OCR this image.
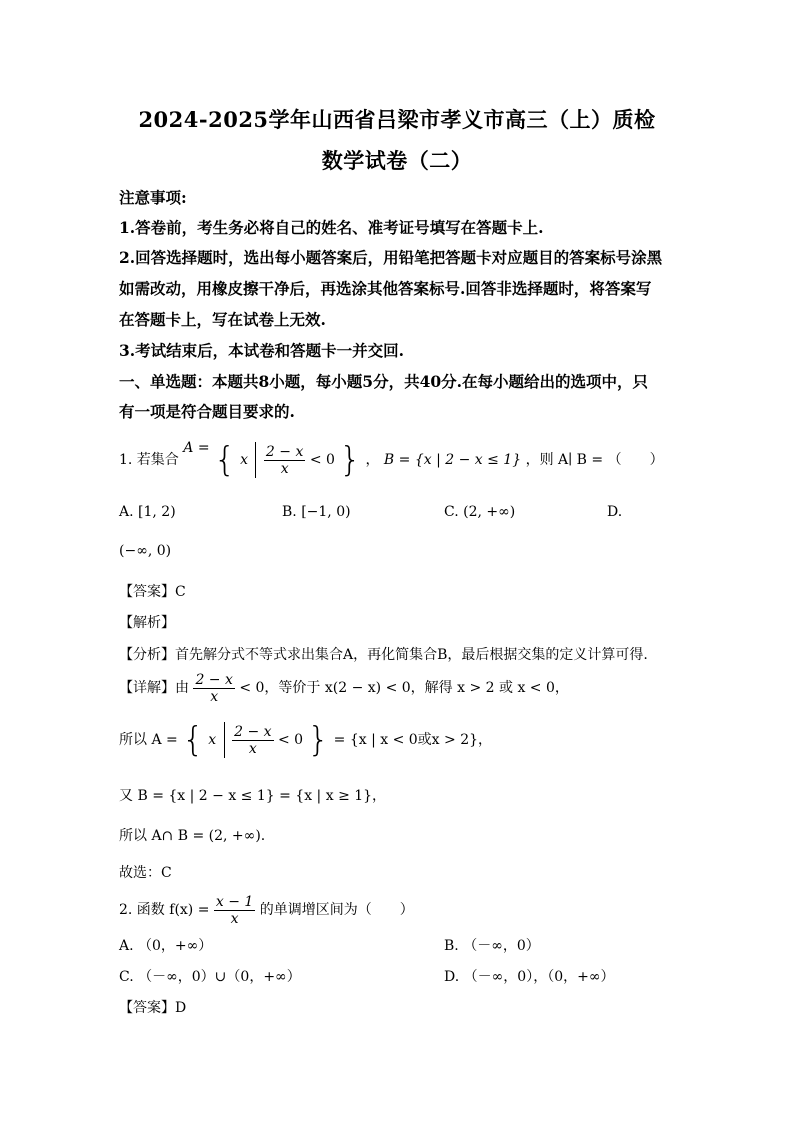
2024-2025学年山西省吕梁市孝义市高三（上）质检
数学试卷（二）
注意事项:
1.答卷前，考生务必将自己的姓名、准考证号填写在答题卡上.
2.回答选择题时，选出每小题答案后，用铅笔把答题卡对应题目的答案标号涂黑
如需改动，用橡皮擦干净后，再选涂其他答案标号.回答非选择题时，将答案写
在答题卡上，写在试卷上无效.
3.考试结束后，本试卷和答题卡一并交回.
一、单选题：本题共8小题，每小题5分，共40分.在每小题给出的选项中，只
有一项是符合题目要求的.
1. 若集合 A = { x $\frac{2 - x}{x} < 0$ } ， B = {x | 2 − x ≤ 1} ，则 A∣ B = （　　）
A. [1, 2)	B. [−1, 0)	C. (2, +∞)	D.
(−∞, 0)
【答案】C
【解析】
【分析】首先解分式不等式求出集合A，再化简集合B，最后根据交集的定义计算可得.
【详解】由 $\frac{2 - x}{x} < 0$，等价于 x(2 − x) < 0，解得 x > 2 或 x < 0，
所以 A = { x $\frac{2 - x}{x} < 0$ } = {x | x < 0或x > 2}，
又 B = {x | 2 − x ≤ 1} = {x | x ≥ 1}，
所以 A∩ B = (2, +∞).
故选：C
2. 函数 $f(x) = \frac{x - 1}{x}$ 的单调增区间为（　　）
A. （0，+∞）	B. （－∞，0）
C. （－∞，0）∪（0，+∞）	D. （－∞，0），（0，+∞）
【答案】D
